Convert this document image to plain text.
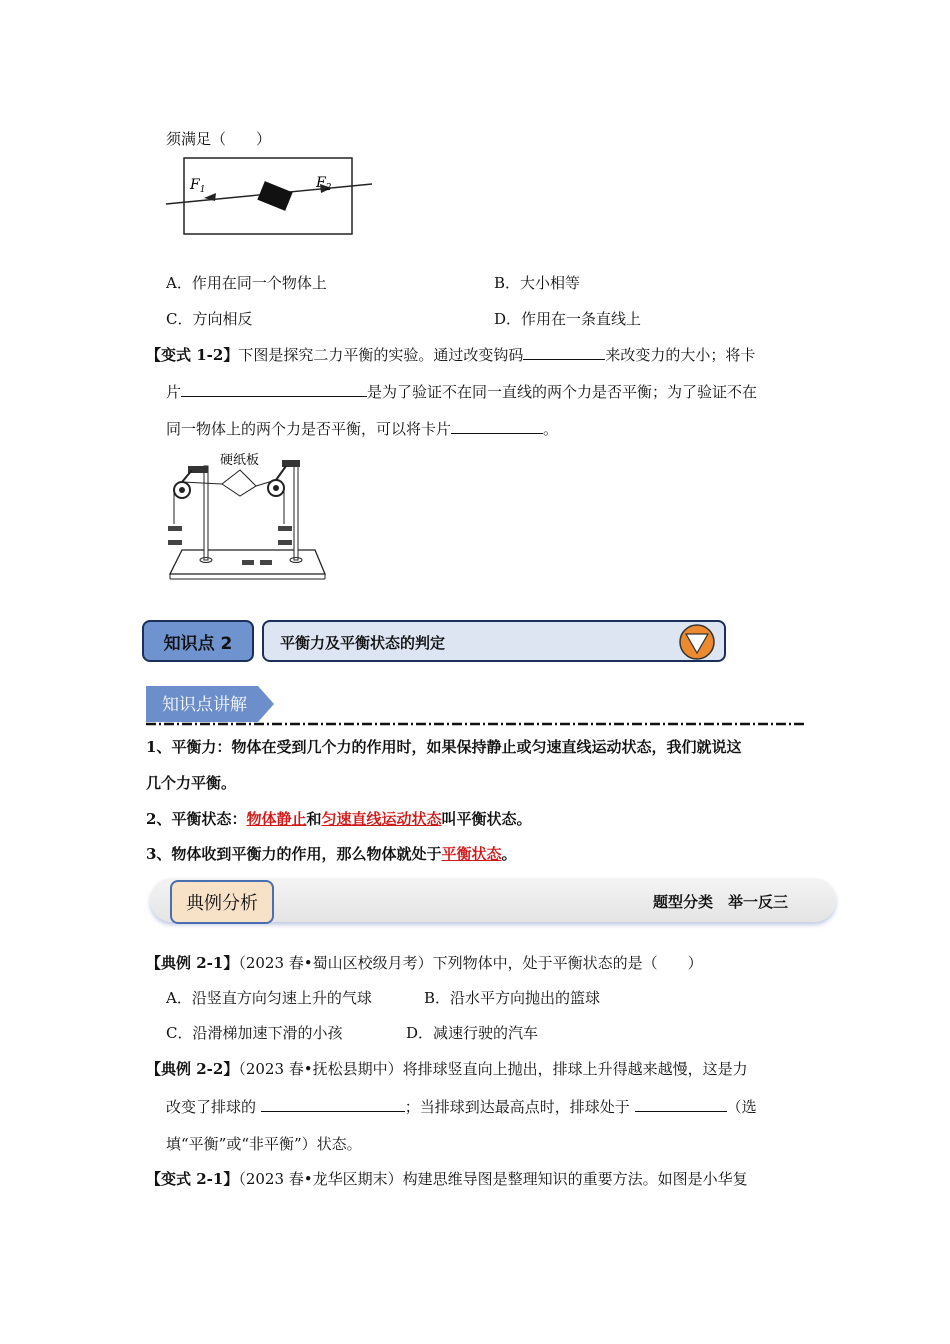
须满足（　　）
$F_1$	$F_2$
A．作用在同一个物体上	B．大小相等
C．方向相反	D．作用在一条直线上
【变式 1-2】下图是探究二力平衡的实验。通过改变钩码	来改变力的大小；将卡
片	是为了验证不在同一直线的两个力是否平衡；为了验证不在
同一物体上的两个力是否平衡，可以将卡片	。
硬纸板
知识点 2	平衡力及平衡状态的判定
知识点讲解
1、平衡力：物体在受到几个力的作用时，如果保持静止或匀速直线运动状态，我们就说这
几个力平衡。
2、平衡状态：物体静止和匀速直线运动状态叫平衡状态。
3、物体收到平衡力的作用，那么物体就处于平衡状态。
题型分类　举一反三
典例分析
【典例 2-1】（2023 春•蜀山区校级月考）下列物体中，处于平衡状态的是（　　）
A．沿竖直方向匀速上升的气球	B．沿水平方向抛出的篮球
C．沿滑梯加速下滑的小孩	D．减速行驶的汽车
【典例 2-2】（2023 春•抚松县期中）将排球竖直向上抛出，排球上升得越来越慢，这是力
改变了排球的	；当排球到达最高点时，排球处于	（选
填“平衡”或“非平衡”）状态。
【变式 2-1】（2023 春•龙华区期末）构建思维导图是整理知识的重要方法。如图是小华复
